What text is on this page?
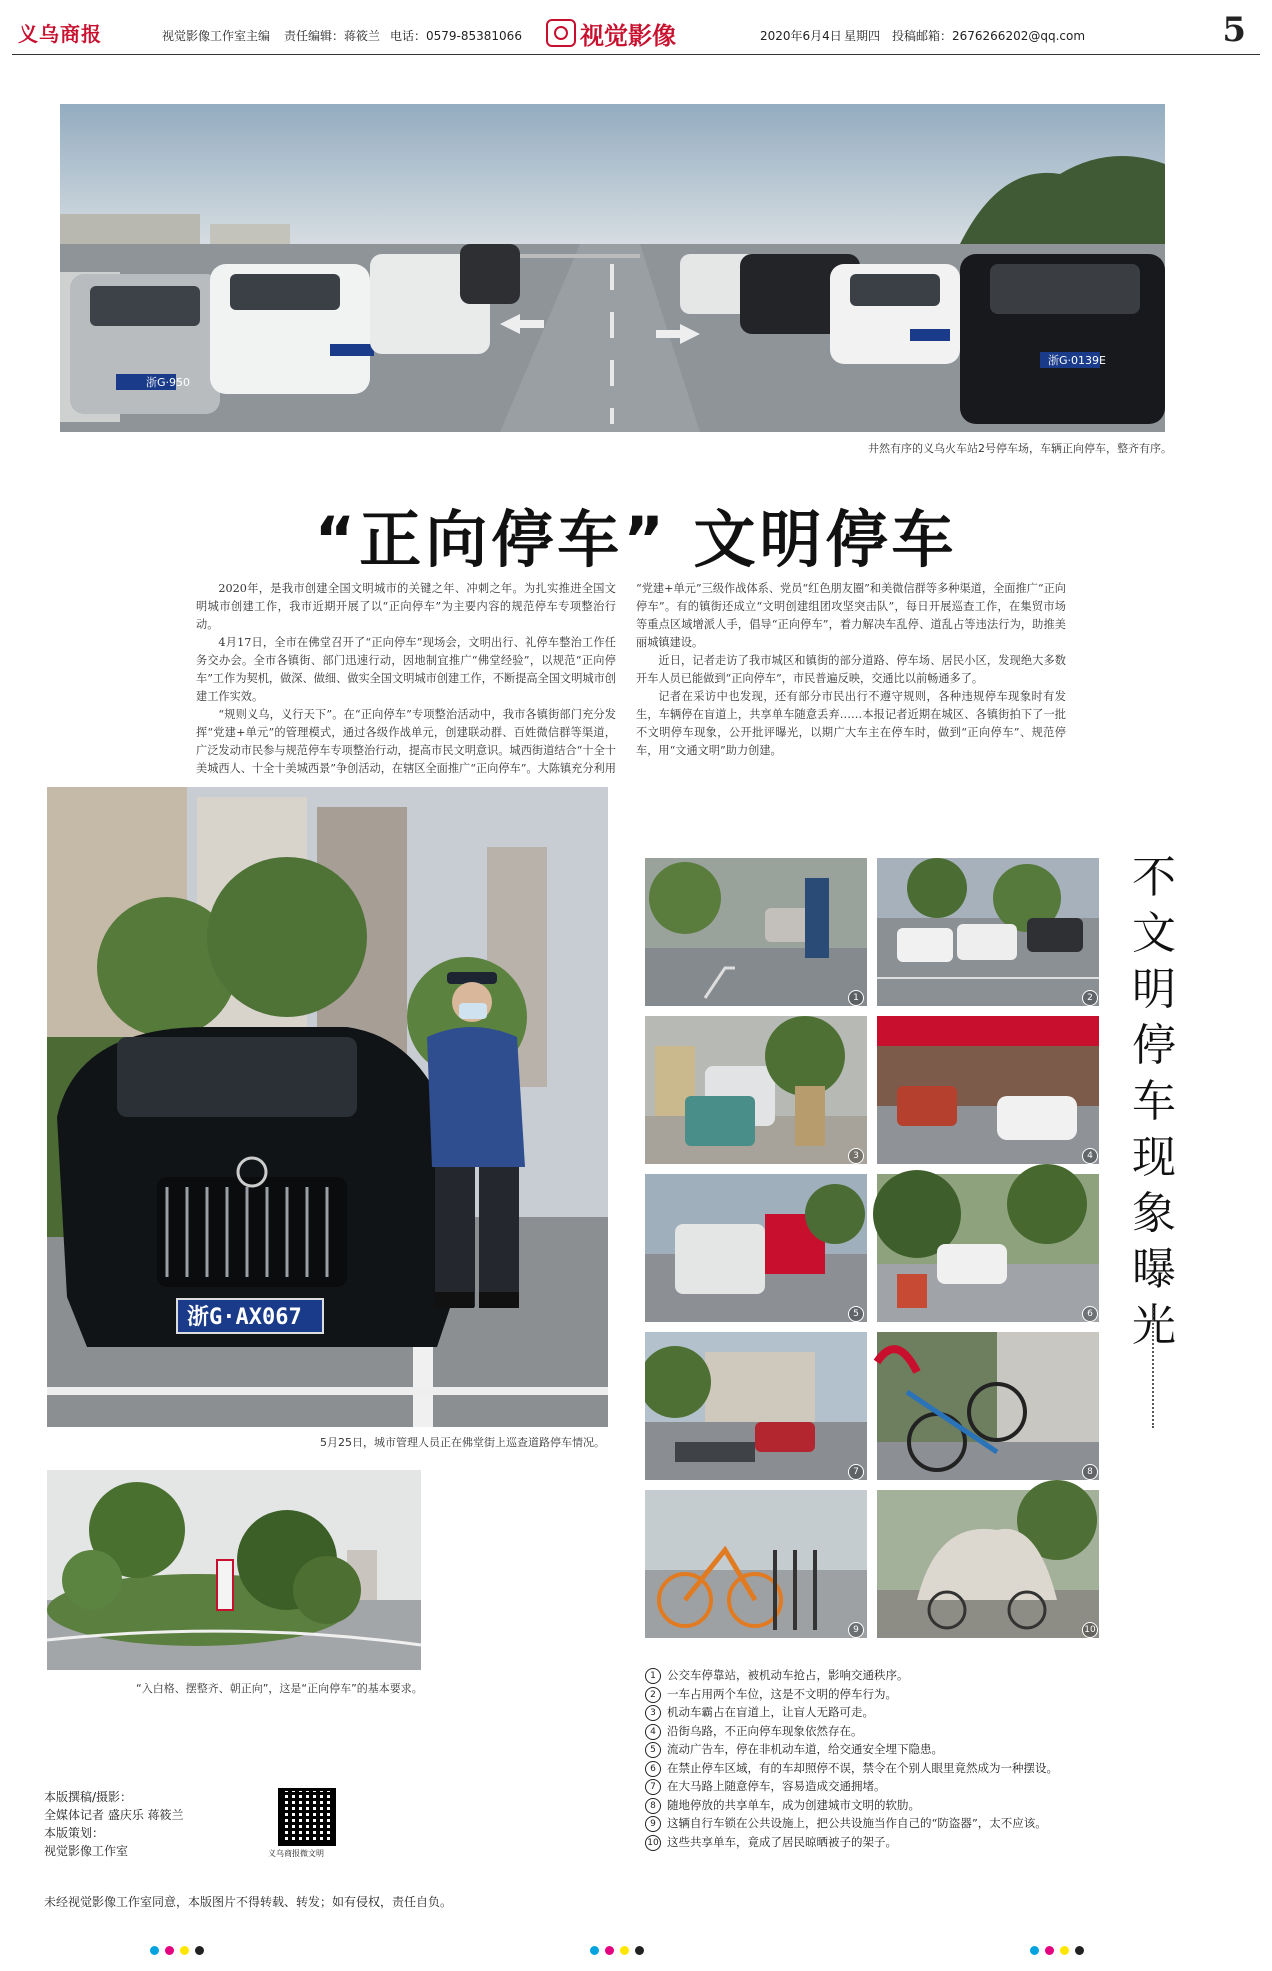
义乌商报	视觉影像工作室主编 责任编辑：蒋筱兰 电话：0579-85381066 视觉影像	2020年6月4日 星期四 投稿邮箱：2676266202@qq.com	5
浙G·950
浙G·0139E
井然有序的义乌火车站2号停车场，车辆正向停车，整齐有序。
“正向停车” 文明停车

2020年，是我市创建全国文明城市的关键之年、冲刺之年。为扎实推进全国文明城市创建工作，我市近期开展了以“正向停车”为主要内容的规范停车专项整治行动。

4月17日，全市在佛堂召开了“正向停车”现场会，文明出行、礼停车整治工作任务交办会。全市各镇街、部门迅速行动，因地制宜推广“佛堂经验”，以规范“正向停车”工作为契机，做深、做细、做实全国文明城市创建工作，不断提高全国文明城市创建工作实效。

“规则义乌，义行天下”。在“正向停车”专项整治活动中，我市各镇街部门充分发挥“党建+单元”的管理模式，通过各级作战单元，创建联动群、百姓微信群等渠道，广泛发动市民参与规范停车专项整治行动，提高市民文明意识。城西街道结合“十全十美城西人、十全十美城西景”争创活动，在辖区全面推广“正向停车”。大陈镇充分利用

“党建+单元”三级作战体系、党员“红色朋友圈”和美微信群等多种渠道，全面推广“正向停车”。有的镇街还成立“文明创建组团攻坚突击队”，每日开展巡查工作，在集贸市场等重点区域增派人手，倡导“正向停车”，着力解决车乱停、道乱占等违法行为，助推美丽城镇建设。

近日，记者走访了我市城区和镇街的部分道路、停车场、居民小区，发现绝大多数开车人员已能做到“正向停车”，市民普遍反映，交通比以前畅通多了。

记者在采访中也发现，还有部分市民出行不遵守规则，各种违规停车现象时有发生，车辆停在盲道上，共享单车随意丢弃……本报记者近期在城区、各镇街拍下了一批不文明停车现象，公开批评曝光，以期广大车主在停车时，做到“正向停车”、规范停车，用“文通文明”助力创建。

浙G·AX067
5月25日，城市管理人员正在佛堂街上巡查道路停车情况。
“入白格、摆整齐、朝正向”，这是“正向停车”的基本要求。
1	2
3	4
5	6
7	8
9	10
不文明停车现象曝光
1 公交车停靠站，被机动车抢占，影响交通秩序。
2 一车占用两个车位，这是不文明的停车行为。
3 机动车霸占在盲道上，让盲人无路可走。
4 沿街乌路，不正向停车现象依然存在。
5 流动广告车，停在非机动车道，给交通安全埋下隐患。
6 在禁止停车区域，有的车却照停不误，禁令在个别人眼里竟然成为一种摆设。
7 在大马路上随意停车，容易造成交通拥堵。
8 随地停放的共享单车，成为创建城市文明的软肋。
9 这辆自行车锁在公共设施上，把公共设施当作自己的“防盗器”，太不应该。
10 这些共享单车，竟成了居民晾晒被子的架子。
本版撰稿/摄影：
全媒体记者 盛庆乐 蒋筱兰
本版策划：
视觉影像工作室	义乌商报微文明
未经视觉影像工作室同意，本版图片不得转载、转发；如有侵权，责任自负。
